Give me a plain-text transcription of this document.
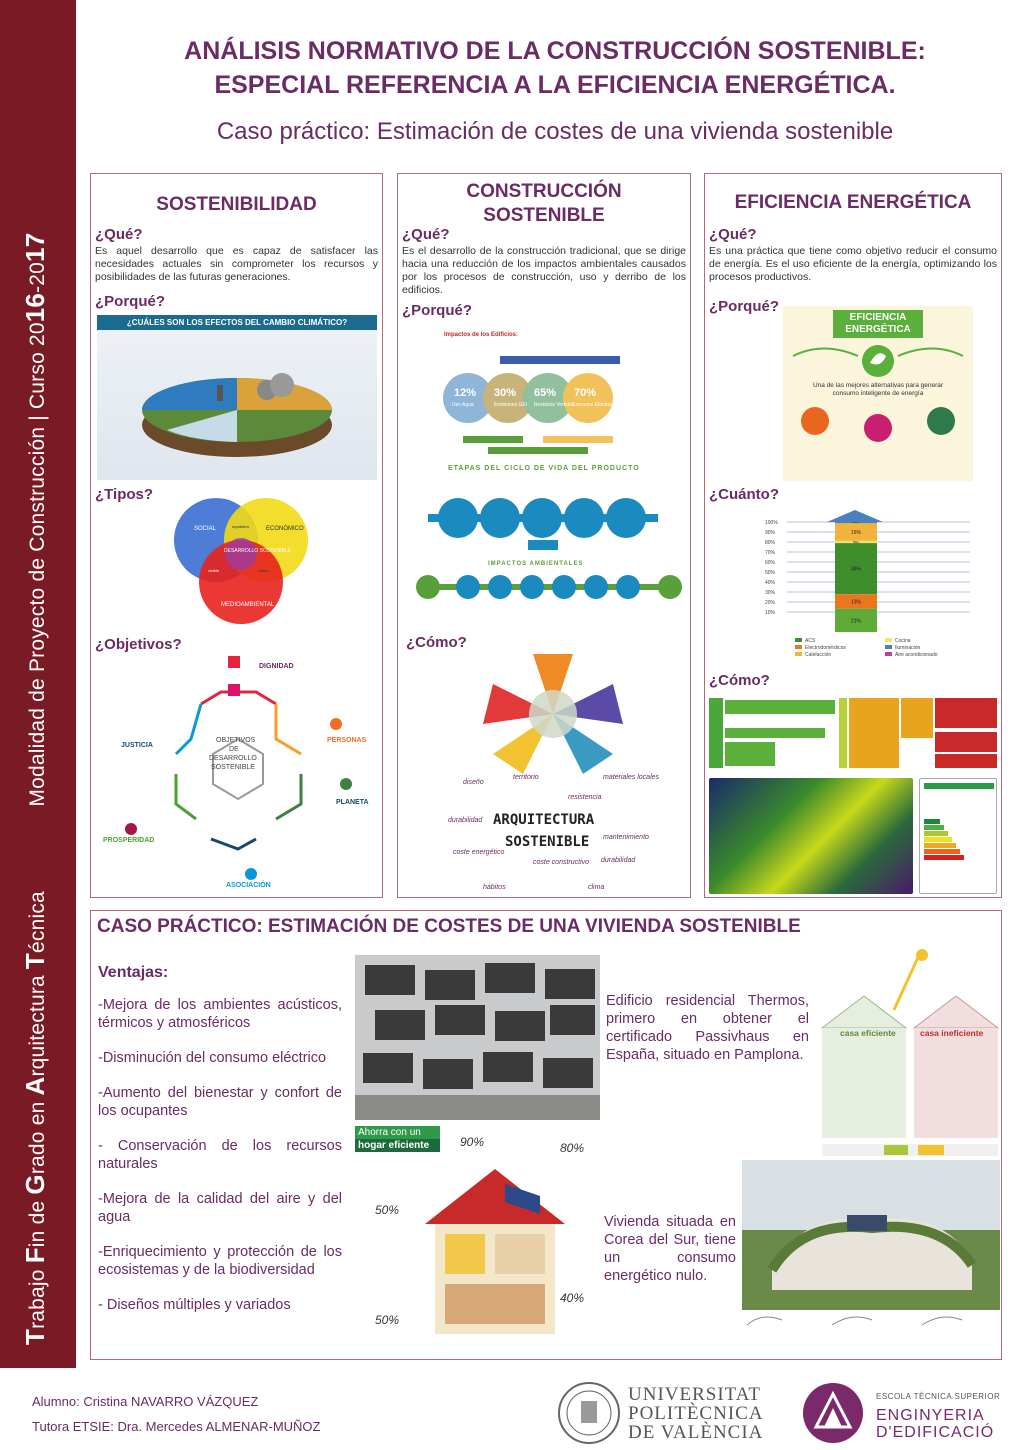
Trabajo Fin de Grado en Arquitectura Técnica              Modalidad de Proyecto de Construcción | Curso 2016-2017
ANÁLISIS NORMATIVO DE LA CONSTRUCCIÓN SOSTENIBLE:
ESPECIAL REFERENCIA A LA EFICIENCIA ENERGÉTICA.
Caso práctico: Estimación de costes de una vivienda sostenible
SOSTENIBILIDAD
¿Qué?
Es aquel desarrollo que es capaz de satisfacer las necesidades actuales sin comprometer los recursos y posibilidades de las futuras generaciones.
¿Porqué?
¿CUÁLES SON LOS EFECTOS DEL CAMBIO CLIMÁTICO?
¿Tipos?
SOCIAL	ECONÓMICO
MEDIOAMBIENTAL
DESARROLLO SOSTENIBLE
equitativo
vivible	viable
¿Objetivos?
OBJETIVOS DE DESARROLLO SOSTENIBLE
DIGNIDAD
PERSONAS
PLANETA
ASOCIACIÓN
PROSPERIDAD
JUSTICIA
CONSTRUCCIÓN
SOSTENIBLE
¿Qué?
Es el desarrollo de la construcción tradicional, que se dirige hacia una reducción de los impactos ambientales causados por los procesos de construcción, uso y derribo de los edificios.
¿Porqué?
Impactos de los Edificios:
12%
Uso Agua
30%
Emisiones GEI
65%
Residuos Vertidos
70%
Consumo Electricidad
ETAPAS DEL CICLO DE VIDA DEL PRODUCTO
IMPACTOS AMBIENTALES
¿Cómo?
ARQUITECTURA
SOSTENIBLE
diseño
territorio	materiales locales
durabilidad
resistencia
mantenimiento
coste energético
coste constructivo durabilidad
hábitos	clima
EFICIENCIA ENERGÉTICA
¿Qué?
Es una práctica que tiene como objetivo reducir el consumo de energía. Es el uso eficiente de la energía, optimizando los procesos productivos.
¿Porqué?
EFICIENCIA
ENERGÉTICA
Una de las mejores alternativas para generar consumo inteligente de energía
¿Cuánto?
100%
90%
80%
70%
60%
50%
40%
30%
20%
10%
16%
46%
13%
21%
ACS
Electrodomésticos
Calefacción
Cocina
Iluminación
Aire acondicionado
¿Cómo?
CASO PRÁCTICO: ESTIMACIÓN DE COSTES DE UNA VIVIENDA SOSTENIBLE
Ventajas:
-Mejora de los ambientes acústicos, térmicos y atmosféricos
-Disminución del consumo eléctrico
-Aumento del bienestar y confort de los ocupantes
- Conservación de los recursos naturales
-Mejora de la calidad del aire y del agua
-Enriquecimiento y protección de los ecosistemas y de la biodiversidad
- Diseños múltiples y variados
Edificio residencial Thermos, primero en obtener el certificado Passivhaus en España, situado en Pamplona.
Ahorra con un
hogar eficiente	90%	80%
50%
50%
40%
casa eficiente	casa ineficiente
Vivienda situada en Corea del Sur, tiene un consumo energético nulo.
Alumno: Cristina NAVARRO VÁZQUEZ
Tutora ETSIE: Dra. Mercedes ALMENAR-MUÑOZ
UNIVERSITAT
POLITÈCNICA
DE VALÈNCIA
ESCOLA TÈCNICA SUPERIOR
ENGINYERIA
D'EDIFICACIÓ
